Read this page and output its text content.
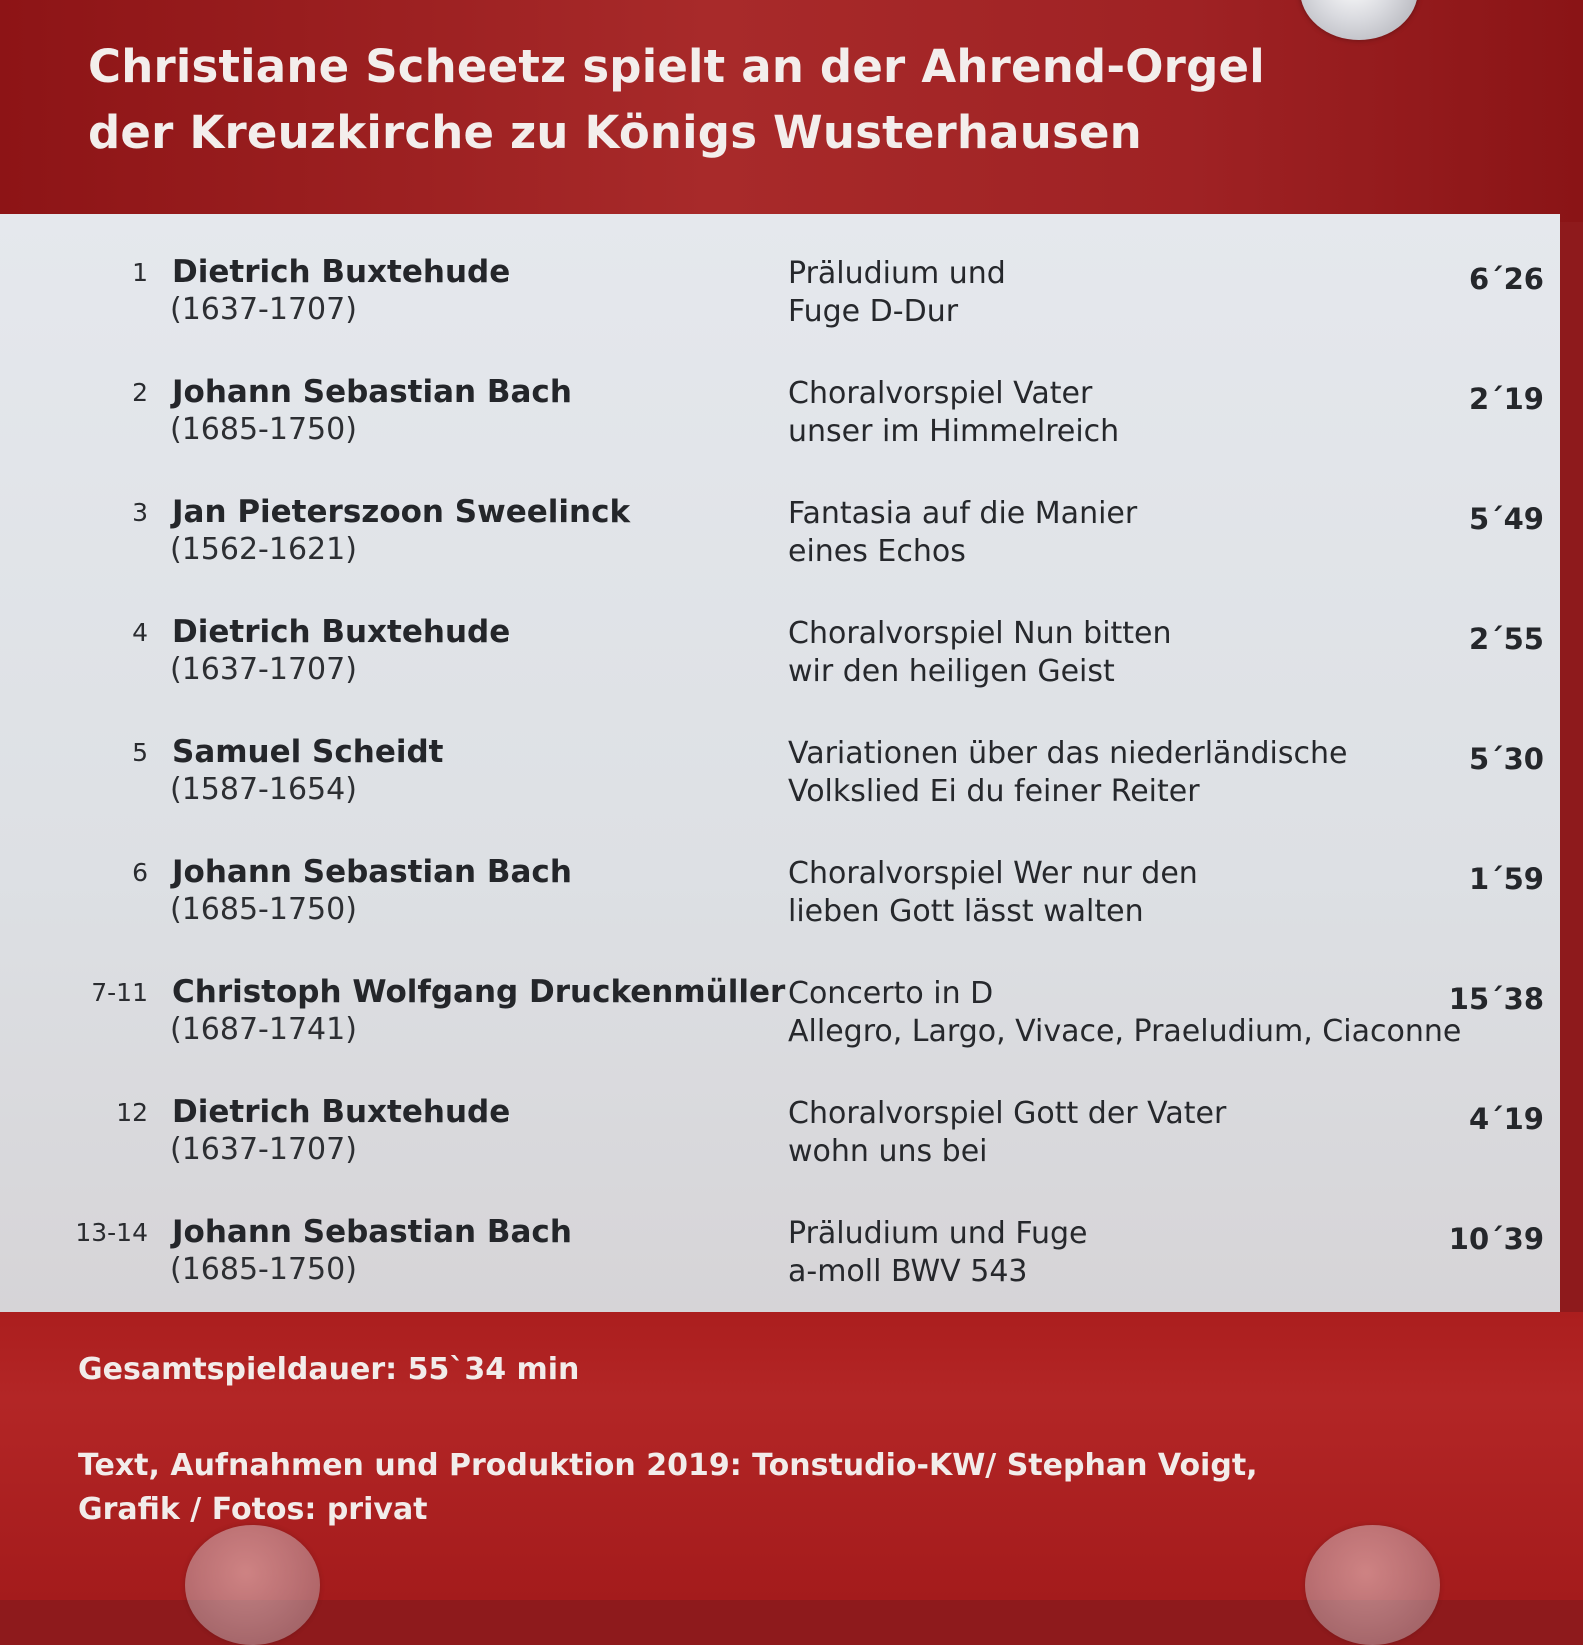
Christiane Scheetz spielt an der Ahrend-Orgel
der Kreuzkirche zu Königs Wusterhausen
1 Dietrich Buxtehude
(1637-1707)
Präludium und
Fuge D-Dur
6´26
2 Johann Sebastian Bach
(1685-1750)
Choralvorspiel Vater
unser im Himmelreich
2´19
3 Jan Pieterszoon Sweelinck
(1562-1621)
Fantasia auf die Manier
eines Echos
5´49
4 Dietrich Buxtehude
(1637-1707)
Choralvorspiel Nun bitten
wir den heiligen Geist
2´55
5 Samuel Scheidt
(1587-1654)
Variationen über das niederländische
Volkslied Ei du feiner Reiter
5´30
6 Johann Sebastian Bach
(1685-1750)
Choralvorspiel Wer nur den
lieben Gott lässt walten
1´59
7-11 Christoph Wolfgang Druckenmüller
(1687-1741)
Concerto in D
Allegro, Largo, Vivace, Praeludium, Ciaconne
15´38
12 Dietrich Buxtehude
(1637-1707)
Choralvorspiel Gott der Vater
wohn uns bei
4´19
13-14 Johann Sebastian Bach
(1685-1750)
Präludium und Fuge
a-moll BWV 543
10´39
Gesamtspieldauer: 55`34 min
Text, Aufnahmen und Produktion 2019: Tonstudio-KW/ Stephan Voigt,
Grafik / Fotos: privat
